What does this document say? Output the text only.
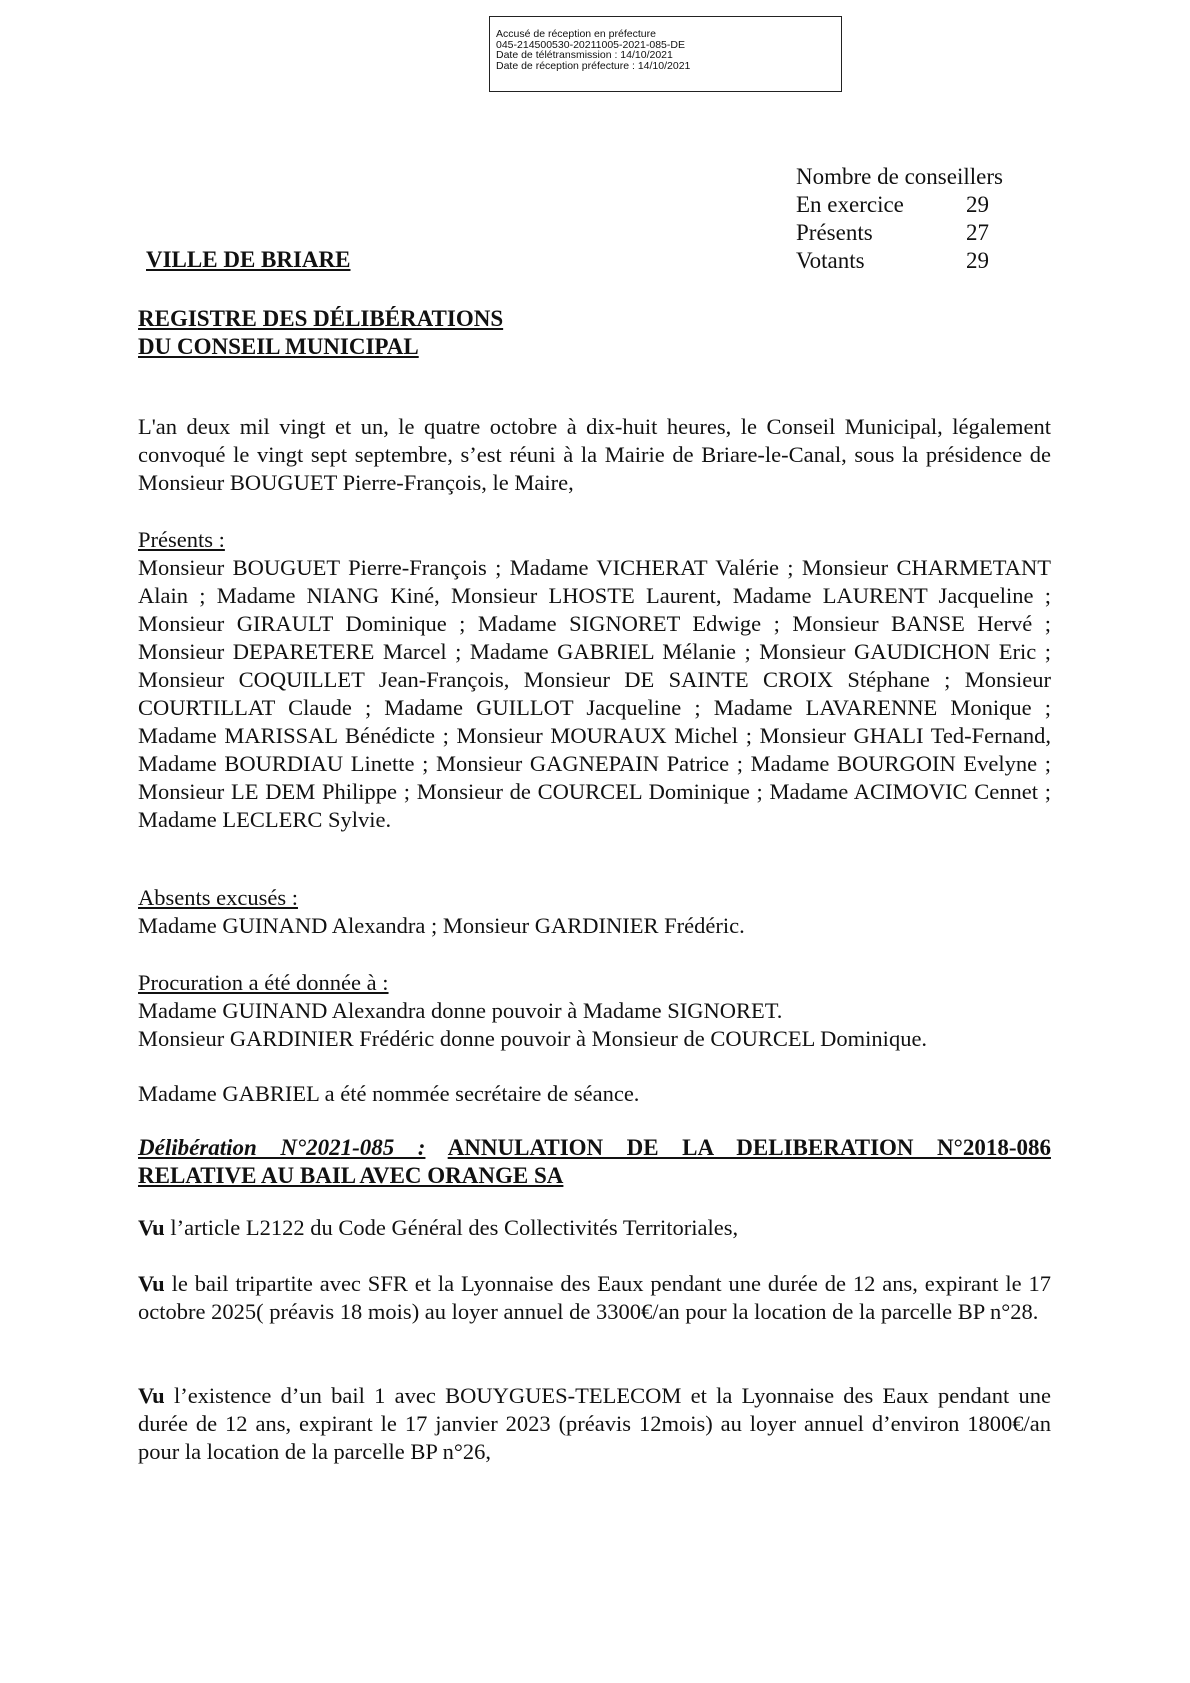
Accusé de réception en préfecture
045-214500530-20211005-2021-085-DE
Date de télétransmission : 14/10/2021
Date de réception préfecture : 14/10/2021
Nombre de conseillers
En exercice	29
Présents	27
Votants	29
VILLE DE BRIARE
REGISTRE DES DÉLIBÉRATIONS
DU CONSEIL MUNICIPAL
L'an deux mil vingt et un, le quatre octobre à dix-huit heures, le Conseil Municipal, légalement convoqué le vingt sept septembre, s’est réuni à la Mairie de Briare-le-Canal, sous la présidence de Monsieur BOUGUET Pierre-François, le Maire,
Présents :
Monsieur BOUGUET Pierre-François ; Madame VICHERAT Valérie ; Monsieur CHARMETANT Alain ; Madame NIANG Kiné, Monsieur LHOSTE Laurent, Madame LAURENT Jacqueline ; Monsieur GIRAULT Dominique ; Madame SIGNORET Edwige ; Monsieur BANSE Hervé ; Monsieur DEPARETERE Marcel ; Madame GABRIEL Mélanie ; Monsieur GAUDICHON Eric ; Monsieur COQUILLET Jean-François, Monsieur DE SAINTE CROIX Stéphane ; Monsieur COURTILLAT Claude ; Madame GUILLOT Jacqueline ; Madame LAVARENNE Monique ; Madame MARISSAL Bénédicte ; Monsieur MOURAUX Michel ; Monsieur GHALI Ted-Fernand, Madame BOURDIAU Linette ; Monsieur GAGNEPAIN Patrice ; Madame BOURGOIN Evelyne ; Monsieur LE DEM Philippe ; Monsieur de COURCEL Dominique ; Madame ACIMOVIC Cennet ; Madame LECLERC Sylvie.
Absents excusés :
Madame GUINAND Alexandra ; Monsieur GARDINIER Frédéric.
Procuration a été donnée à :
Madame GUINAND Alexandra donne pouvoir à Madame SIGNORET.
Monsieur GARDINIER Frédéric donne pouvoir à Monsieur de COURCEL Dominique.
Madame GABRIEL a été nommée secrétaire de séance.
Délibération N°2021-085 : ANNULATION DE LA DELIBERATION N°2018-086
RELATIVE AU BAIL AVEC ORANGE SA
Vu l’article L2122 du Code Général des Collectivités Territoriales,
Vu le bail tripartite avec SFR et la Lyonnaise des Eaux pendant une durée de 12 ans, expirant le 17 octobre 2025( préavis 18 mois) au loyer annuel de 3300€/an pour la location de la parcelle BP n°28.
Vu l’existence d’un bail 1 avec BOUYGUES-TELECOM et la Lyonnaise des Eaux pendant une durée de 12 ans, expirant le 17 janvier 2023 (préavis 12mois) au loyer annuel d’environ 1800€/an pour la location de la parcelle BP n°26,
